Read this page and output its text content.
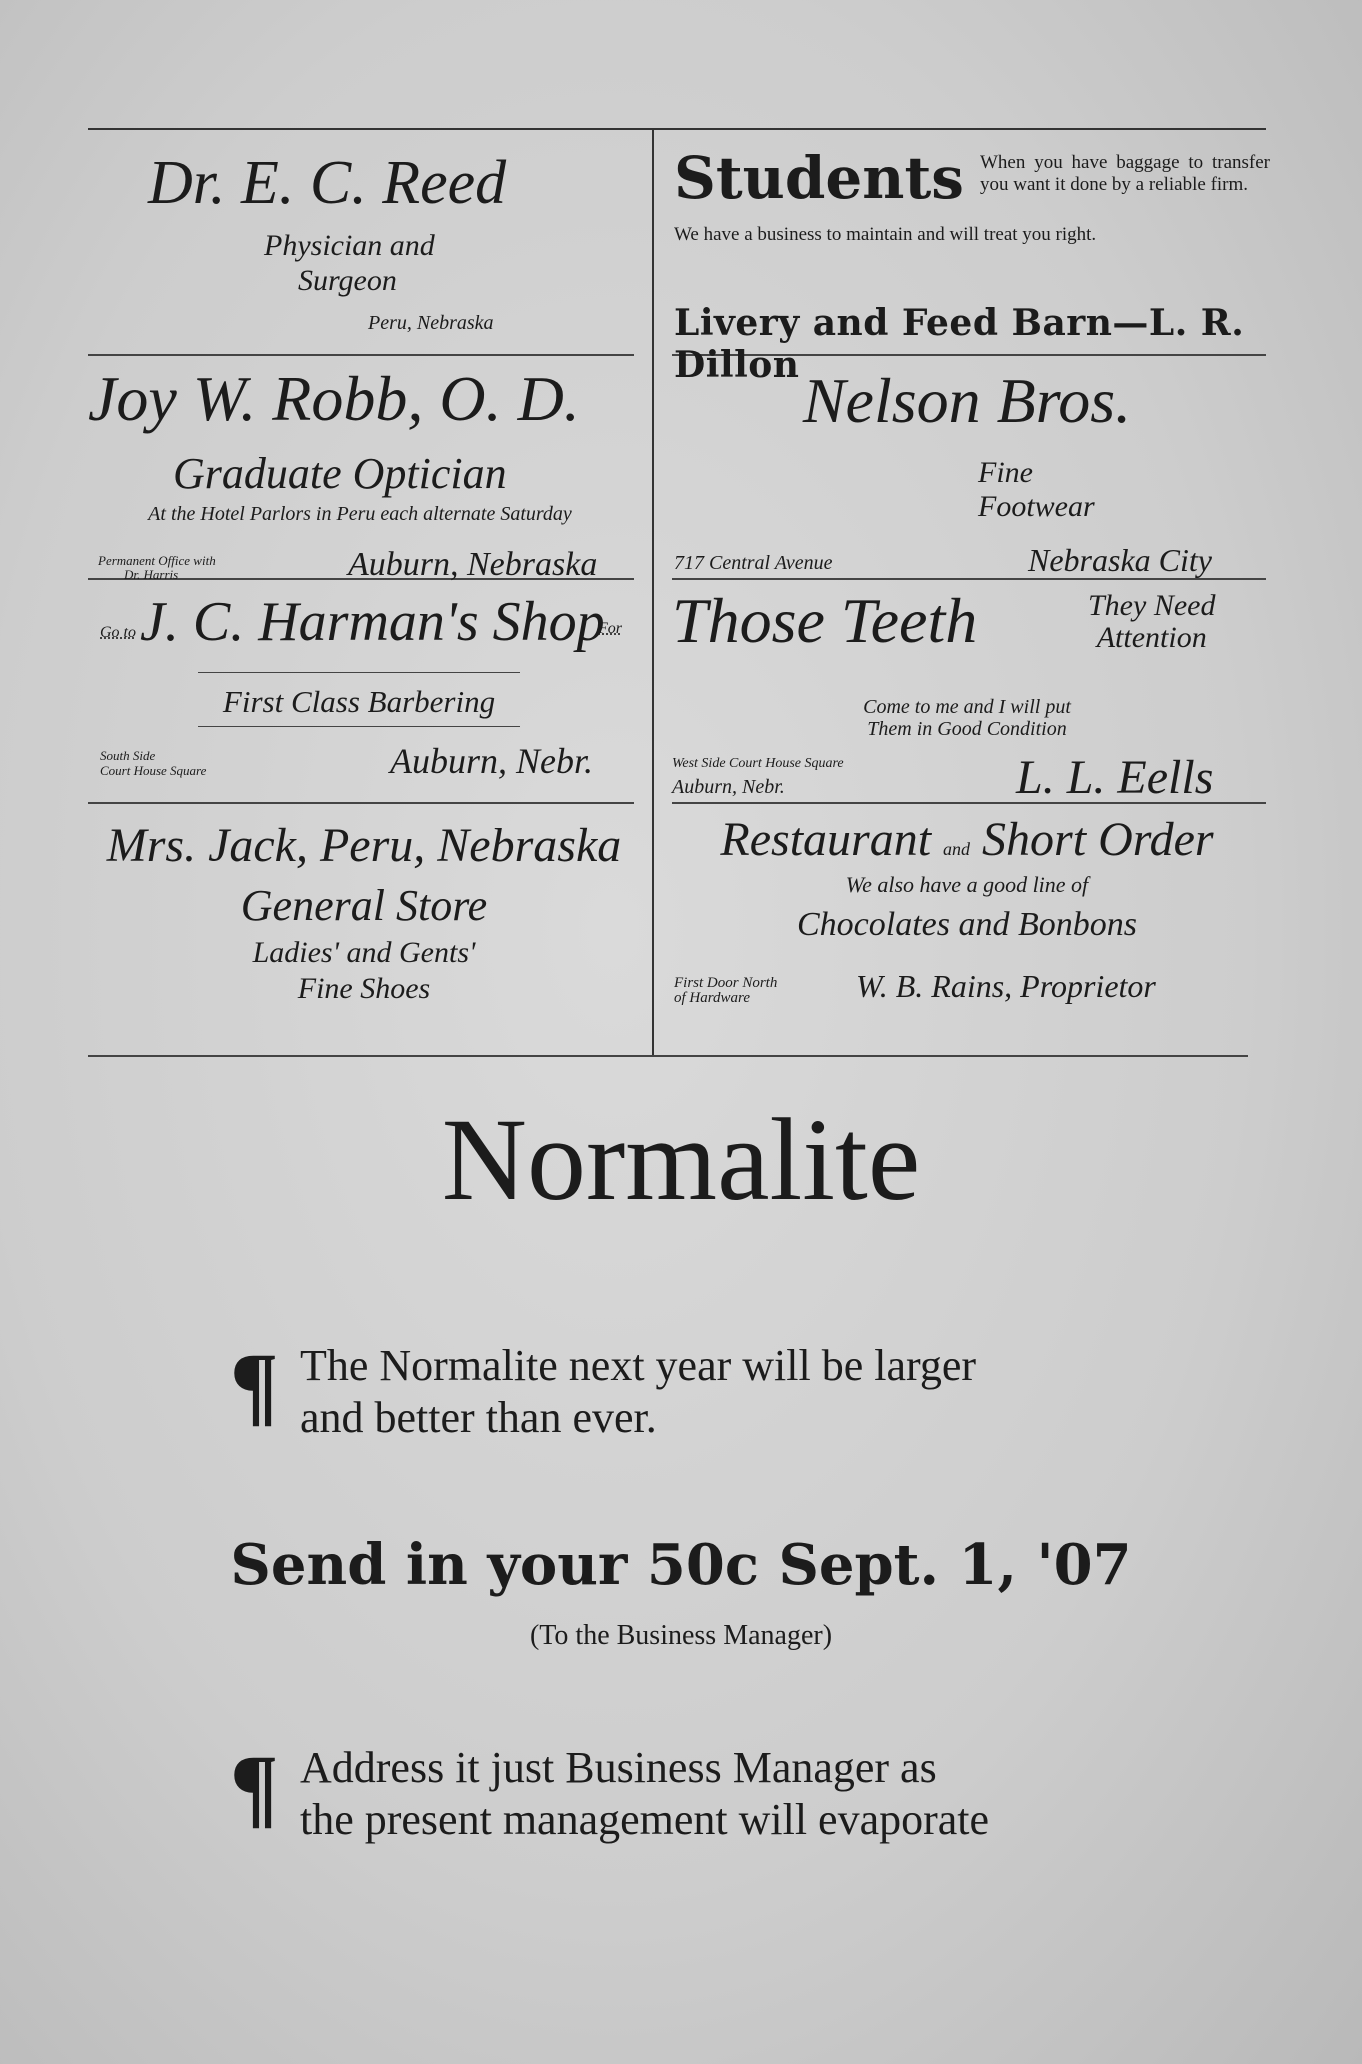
Dr. E. C. Reed
Physician and
Surgeon
Peru, Nebraska
Students When you have baggage to transfer you want it done by a reliable firm.
We have a business to maintain and will treat you right.
Livery and Feed Barn—L. R. Dillon
Joy W. Robb, O. D.
Graduate Optician
At the Hotel Parlors in Peru each alternate Saturday
Permanent Office with
Dr. Harris	Auburn, Nebraska
Nelson Bros.
Fine
Footwear
717 Central Avenue	Nebraska City
Go to J. C. Harman's Shop
For
First Class Barbering
South Side
Court House Square	Auburn, Nebr.
Those Teeth	They Need
Attention
Come to me and I will put
Them in Good Condition
West Side Court House Square
Auburn, Nebr.	L. L. Eells
Mrs. Jack, Peru, Nebraska
General Store
Ladies' and Gents'
Fine Shoes
Restaurant and Short Order
We also have a good line of
Chocolates and Bonbons
First Door North
of Hardware	W. B. Rains, Proprietor
Normalite
¶ The Normalite next year will be larger
and better than ever.
Send in your 50c Sept. 1, '07
(To the Business Manager)
¶ Address it just Business Manager as
the present management will evaporate
